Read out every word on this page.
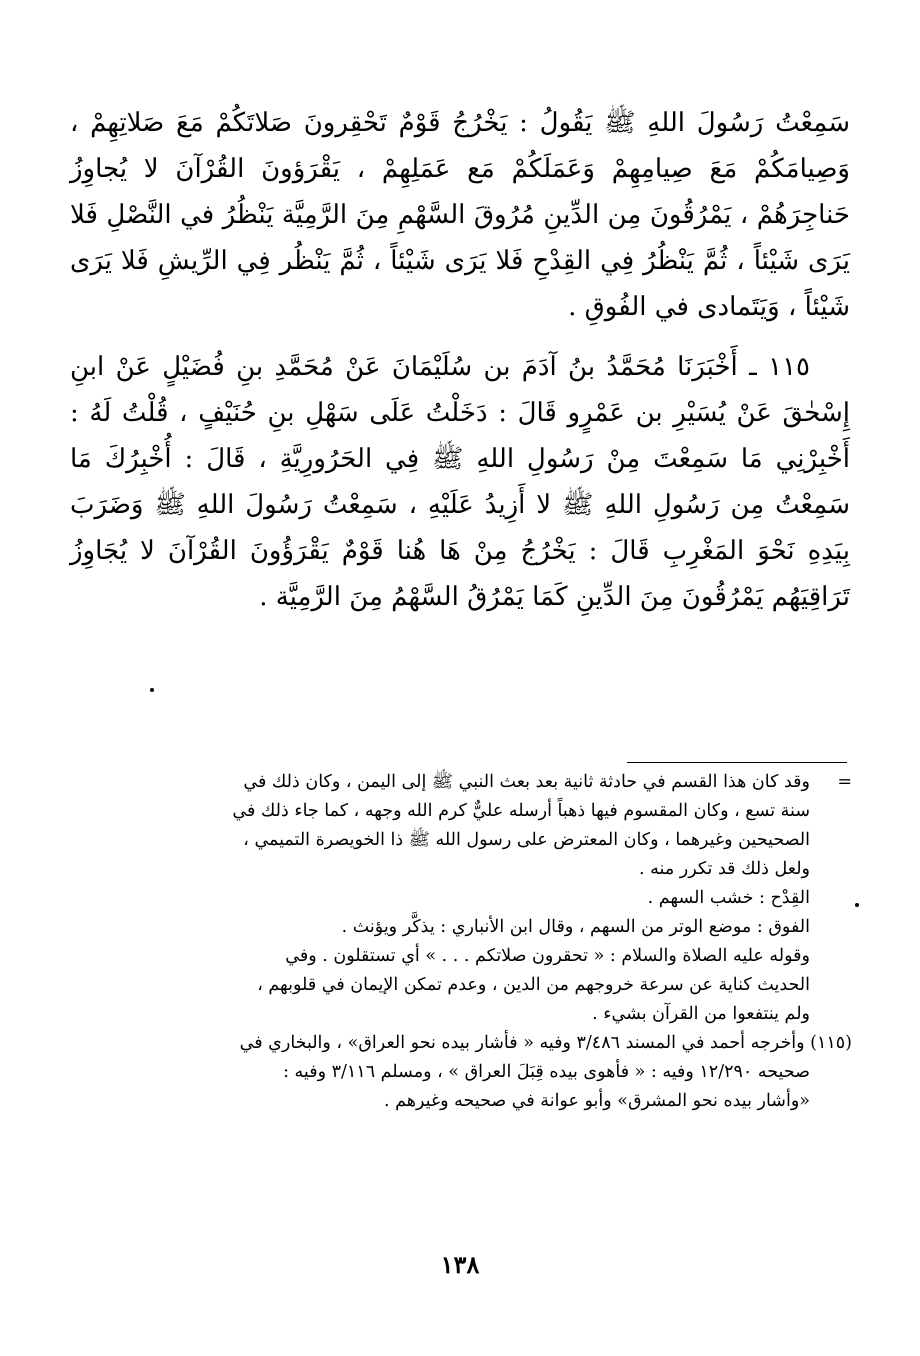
سَمِعْتُ رَسُولَ اللهِ ﷺ يَقُولُ : يَخْرُجُ قَوْمٌ تَحْقِرونَ صَلاتَكُمْ مَعَ صَلاتِهِمْ ، وَصِيامَكُمْ مَعَ صِيامِهِمْ وَعَمَلَكُمْ مَع عَمَلِهِمْ ، يَقْرَؤونَ القُرْآنَ لا يُجاوِزُ حَناجِرَهُمْ ، يَمْرُقُونَ مِن الدِّينِ مُرُوقَ السَّهْمِ مِنَ الرَّمِيَّة يَنْظُرُ في النَّصْلِ فَلا يَرَى شَيْئاً ، ثُمَّ يَنْظُرُ فِي القِدْحِ فَلا يَرَى شَيْئاً ، ثُمَّ يَنْظُر فِي الرِّيشِ فَلا يَرَى شَيْئاً ، وَيَتَمادى في الفُوقِ .

١١٥ ـ أَخْبَرَنَا مُحَمَّدُ بنُ آدَمَ بن سُلَيْمَانَ عَنْ مُحَمَّدِ بنِ فُضَيْلٍ عَنْ ابنِ إِسْحٰقَ عَنْ يُسَيْرِ بن عَمْرٍو قَالَ : دَخَلْتُ عَلَى سَهْلِ بنِ حُنَيْفٍ ، قُلْتُ لَهُ : أَخْبِرْنِي مَا سَمِعْتَ مِنْ رَسُولِ اللهِ ﷺ فِي الحَرُورِيَّةِ ، قَالَ : أُخْبِرُكَ مَا سَمِعْتُ مِن رَسُولِ اللهِ ﷺ لا أَزِيدُ عَلَيْهِ ، سَمِعْتُ رَسُولَ اللهِ ﷺ وَضَرَبَ بِيَدِهِ نَحْوَ المَغْرِبِ قَالَ : يَخْرُجُ مِنْ هَا هُنا قَوْمٌ يَقْرَؤُونَ القُرْآنَ لا يُجَاوِزُ تَرَاقِيَهُم يَمْرُقُونَ مِنَ الدِّينِ كَمَا يَمْرُقُ السَّهْمُ مِنَ الرَّمِيَّة .

=
وقد كان هذا القسم في حادثة ثانية بعد بعث النبي ﷺ إلى اليمن ، وكان ذلك في
سنة تسع ، وكان المقسوم فيها ذهباً أرسله عليٌّ كرم الله وجهه ، كما جاء ذلك في
الصحيحين وغيرهما ، وكان المعترض على رسول الله ﷺ ذا الخويصرة التميمي ،
ولعل ذلك قد تكرر منه .
القِدْح : خشب السهم .
الفوق : موضع الوتر من السهم ، وقال ابن الأنباري : يذكَّر ويؤنث .
وقوله عليه الصلاة والسلام : « تحقرون صلاتكم . . . » أي تستقلون . وفي
الحديث كناية عن سرعة خروجهم من الدين ، وعدم تمكن الإيمان في قلوبهم ،
ولم ينتفعوا من القرآن بشيء .
(١١٥) وأخرجه أحمد في المسند ٣/٤٨٦ وفيه « فأشار بيده نحو العراق» ، والبخاري في
صحيحه ١٢/٢٩٠ وفيه : « فأهوى بيده قِبَلَ العراق » ، ومسلم ٣/١١٦ وفيه :
«وأشار بيده نحو المشرق» وأبو عوانة في صحيحه وغيرهم .
١٣٨
